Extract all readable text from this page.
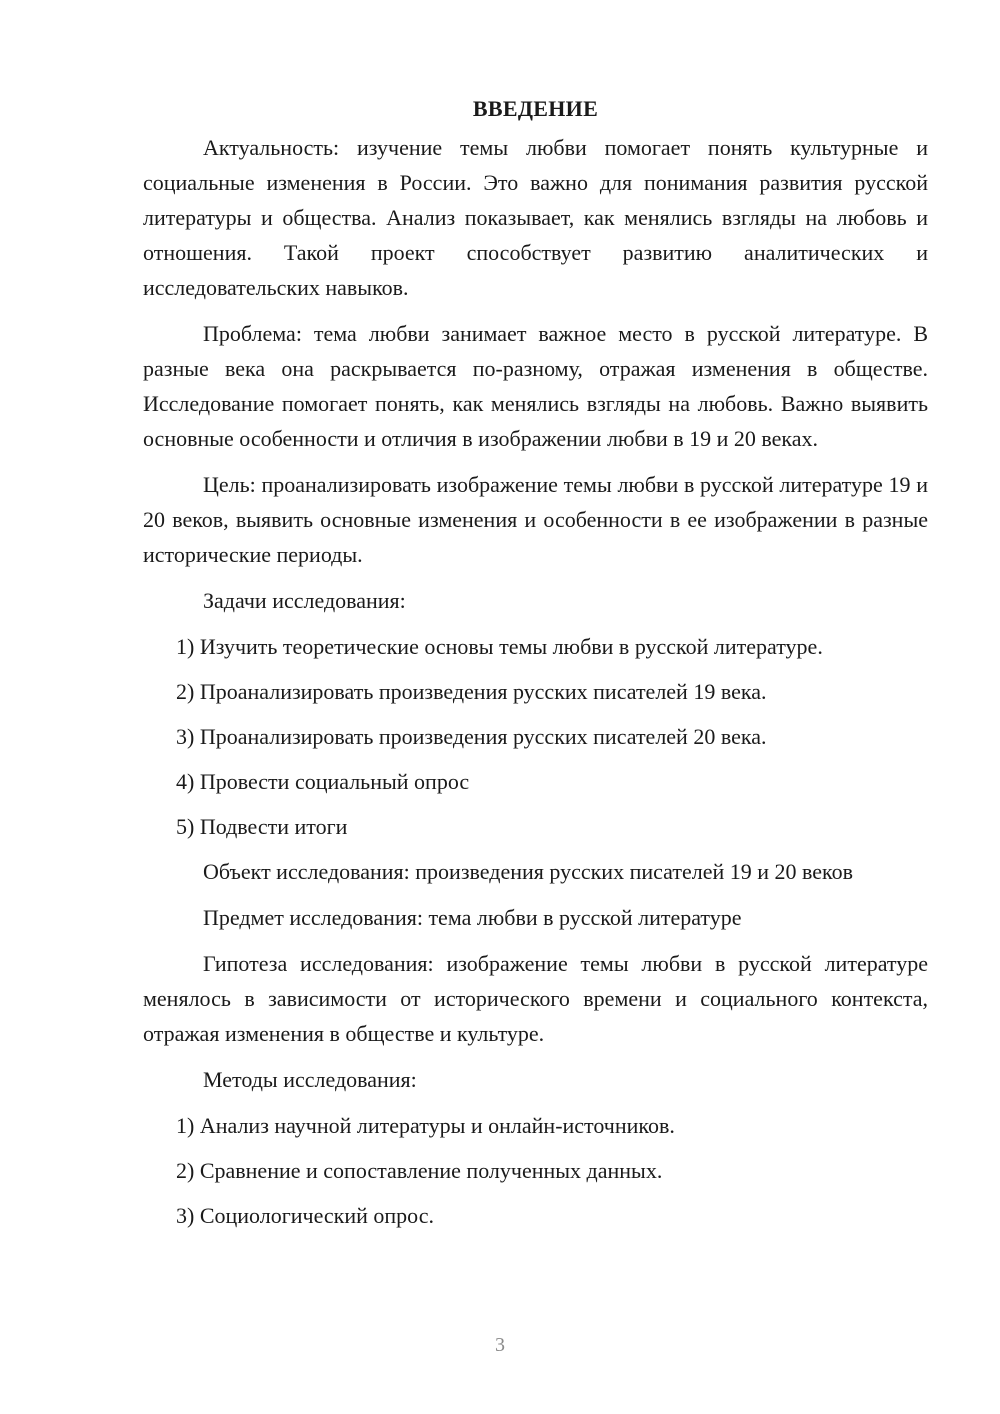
ВВЕДЕНИЕ

Актуальность: изучение темы любви помогает понять культурные и социальные изменения в России. Это важно для понимания развития русской литературы и общества. Анализ показывает, как менялись взгляды на любовь и отношения. Такой проект способствует развитию аналитических и исследовательских навыков.

Проблема: тема любви занимает важное место в русской литературе. В разные века она раскрывается по-разному, отражая изменения в обществе. Исследование помогает понять, как менялись взгляды на любовь. Важно выявить основные особенности и отличия в изображении любви в 19 и 20 веках.

Цель: проанализировать изображение темы любви в русской литературе 19 и 20 веков, выявить основные изменения и особенности в ее изображении в разные исторические периоды.

Задачи исследования:
1) Изучить теоретические основы темы любви в русской литературе.
2) Проанализировать произведения русских писателей 19 века.
3) Проанализировать произведения русских писателей 20 века.
4) Провести социальный опрос
5) Подвести итоги

Объект исследования: произведения русских писателей 19 и 20 веков

Предмет исследования: тема любви в русской литературе

Гипотеза исследования: изображение темы любви в русской литературе менялось в зависимости от исторического времени и социального контекста, отражая изменения в обществе и культуре.

Методы исследования:
1) Анализ научной литературы и онлайн-источников.
2) Сравнение и сопоставление полученных данных.
3) Социологический опрос.
3
